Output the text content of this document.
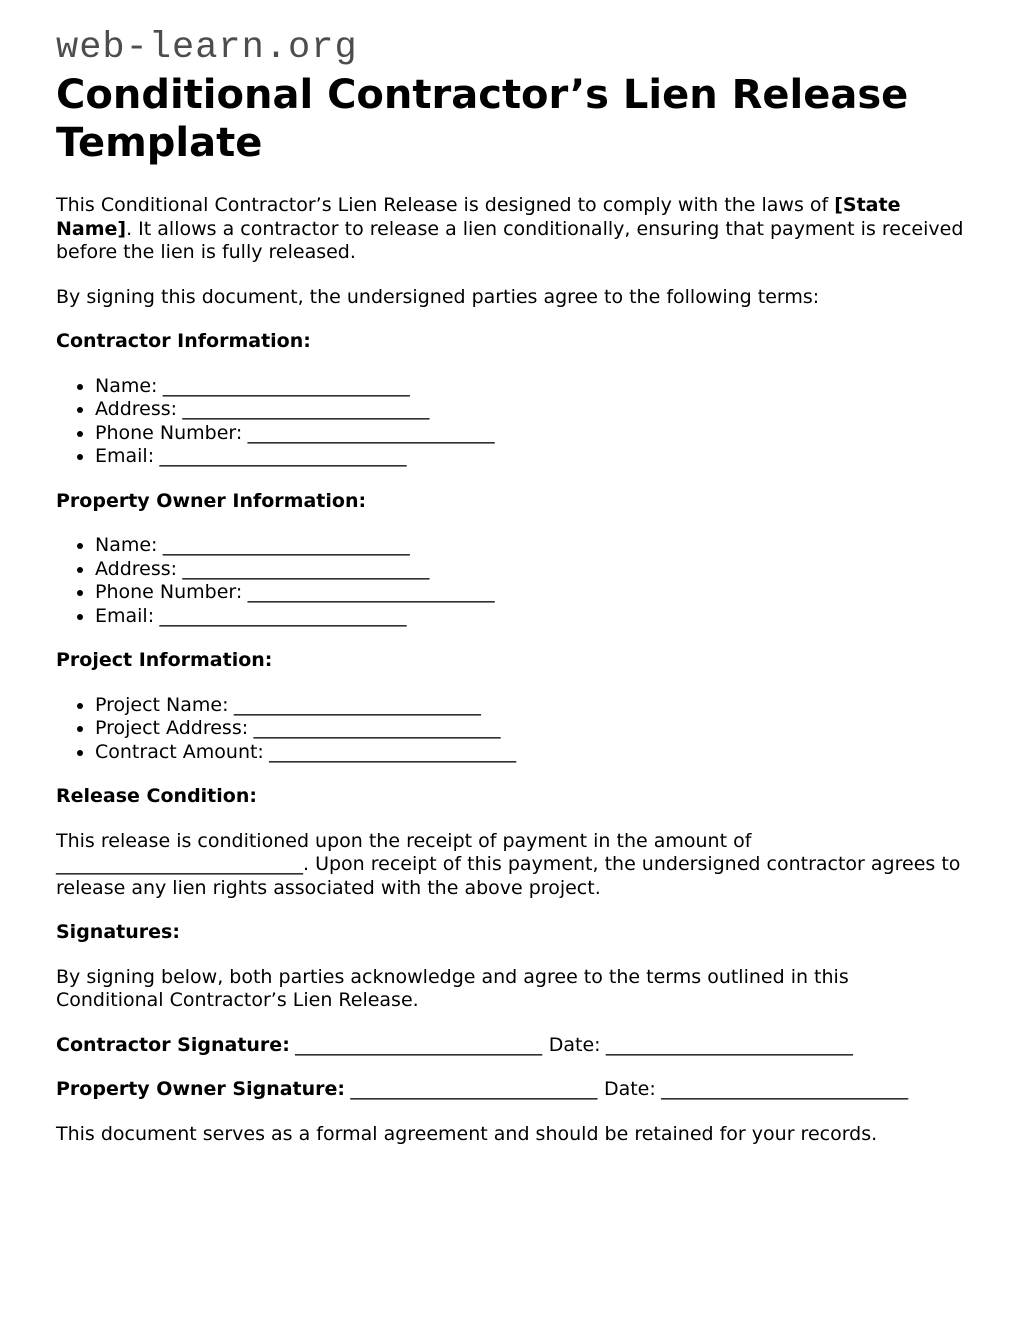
web-learn.org
Conditional Contractor’s Lien Release Template

This Conditional Contractor’s Lien Release is designed to comply with the laws of [State Name]. It allows a contractor to release a lien conditionally, ensuring that payment is received before the lien is fully released.

By signing this document, the undersigned parties agree to the following terms:

Contractor Information:
• Name: __________________________
• Address: __________________________
• Phone Number: __________________________
• Email: __________________________
Property Owner Information:
• Name: __________________________
• Address: __________________________
• Phone Number: __________________________
• Email: __________________________
Project Information:
• Project Name: __________________________
• Project Address: __________________________
• Contract Amount: __________________________
Release Condition:

This release is conditioned upon the receipt of payment in the amount of __________________________. Upon receipt of this payment, the undersigned contractor agrees to release any lien rights associated with the above project.

Signatures:

By signing below, both parties acknowledge and agree to the terms outlined in this Conditional Contractor’s Lien Release.

Contractor Signature: __________________________ Date: __________________________

Property Owner Signature: __________________________ Date: __________________________

This document serves as a formal agreement and should be retained for your records.
